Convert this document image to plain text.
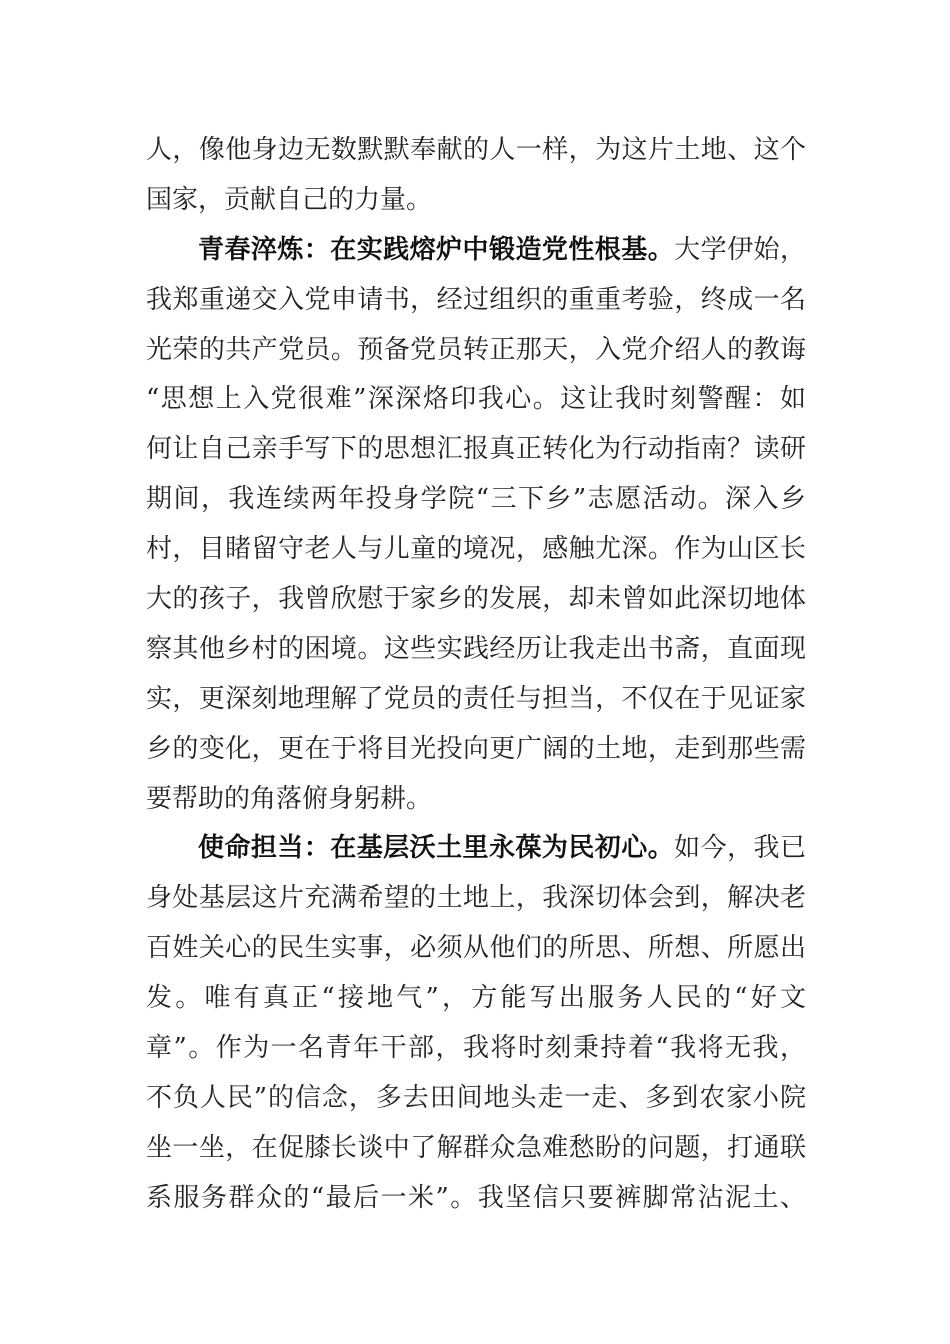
人，像他身边无数默默奉献的人一样，为这片土地、这个
国家，贡献自己的力量。
青春淬炼：在实践熔炉中锻造党性根基。大学伊始，
我郑重递交入党申请书，经过组织的重重考验，终成一名
光荣的共产党员。预备党员转正那天，入党介绍人的教诲
“思想上入党很难”深深烙印我心。这让我时刻警醒：如
何让自己亲手写下的思想汇报真正转化为行动指南？读研
期间，我连续两年投身学院“三下乡”志愿活动。深入乡
村，目睹留守老人与儿童的境况，感触尤深。作为山区长
大的孩子，我曾欣慰于家乡的发展，却未曾如此深切地体
察其他乡村的困境。这些实践经历让我走出书斋，直面现
实，更深刻地理解了党员的责任与担当，不仅在于见证家
乡的变化，更在于将目光投向更广阔的土地，走到那些需
要帮助的角落俯身躬耕。
使命担当：在基层沃土里永葆为民初心。如今，我已
身处基层这片充满希望的土地上，我深切体会到，解决老
百姓关心的民生实事，必须从他们的所思、所想、所愿出
发。唯有真正“接地气”，方能写出服务人民的“好文
章”。作为一名青年干部，我将时刻秉持着“我将无我，
不负人民”的信念，多去田间地头走一走、多到农家小院
坐一坐，在促膝长谈中了解群众急难愁盼的问题，打通联
系服务群众的“最后一米”。我坚信只要裤脚常沾泥土、
